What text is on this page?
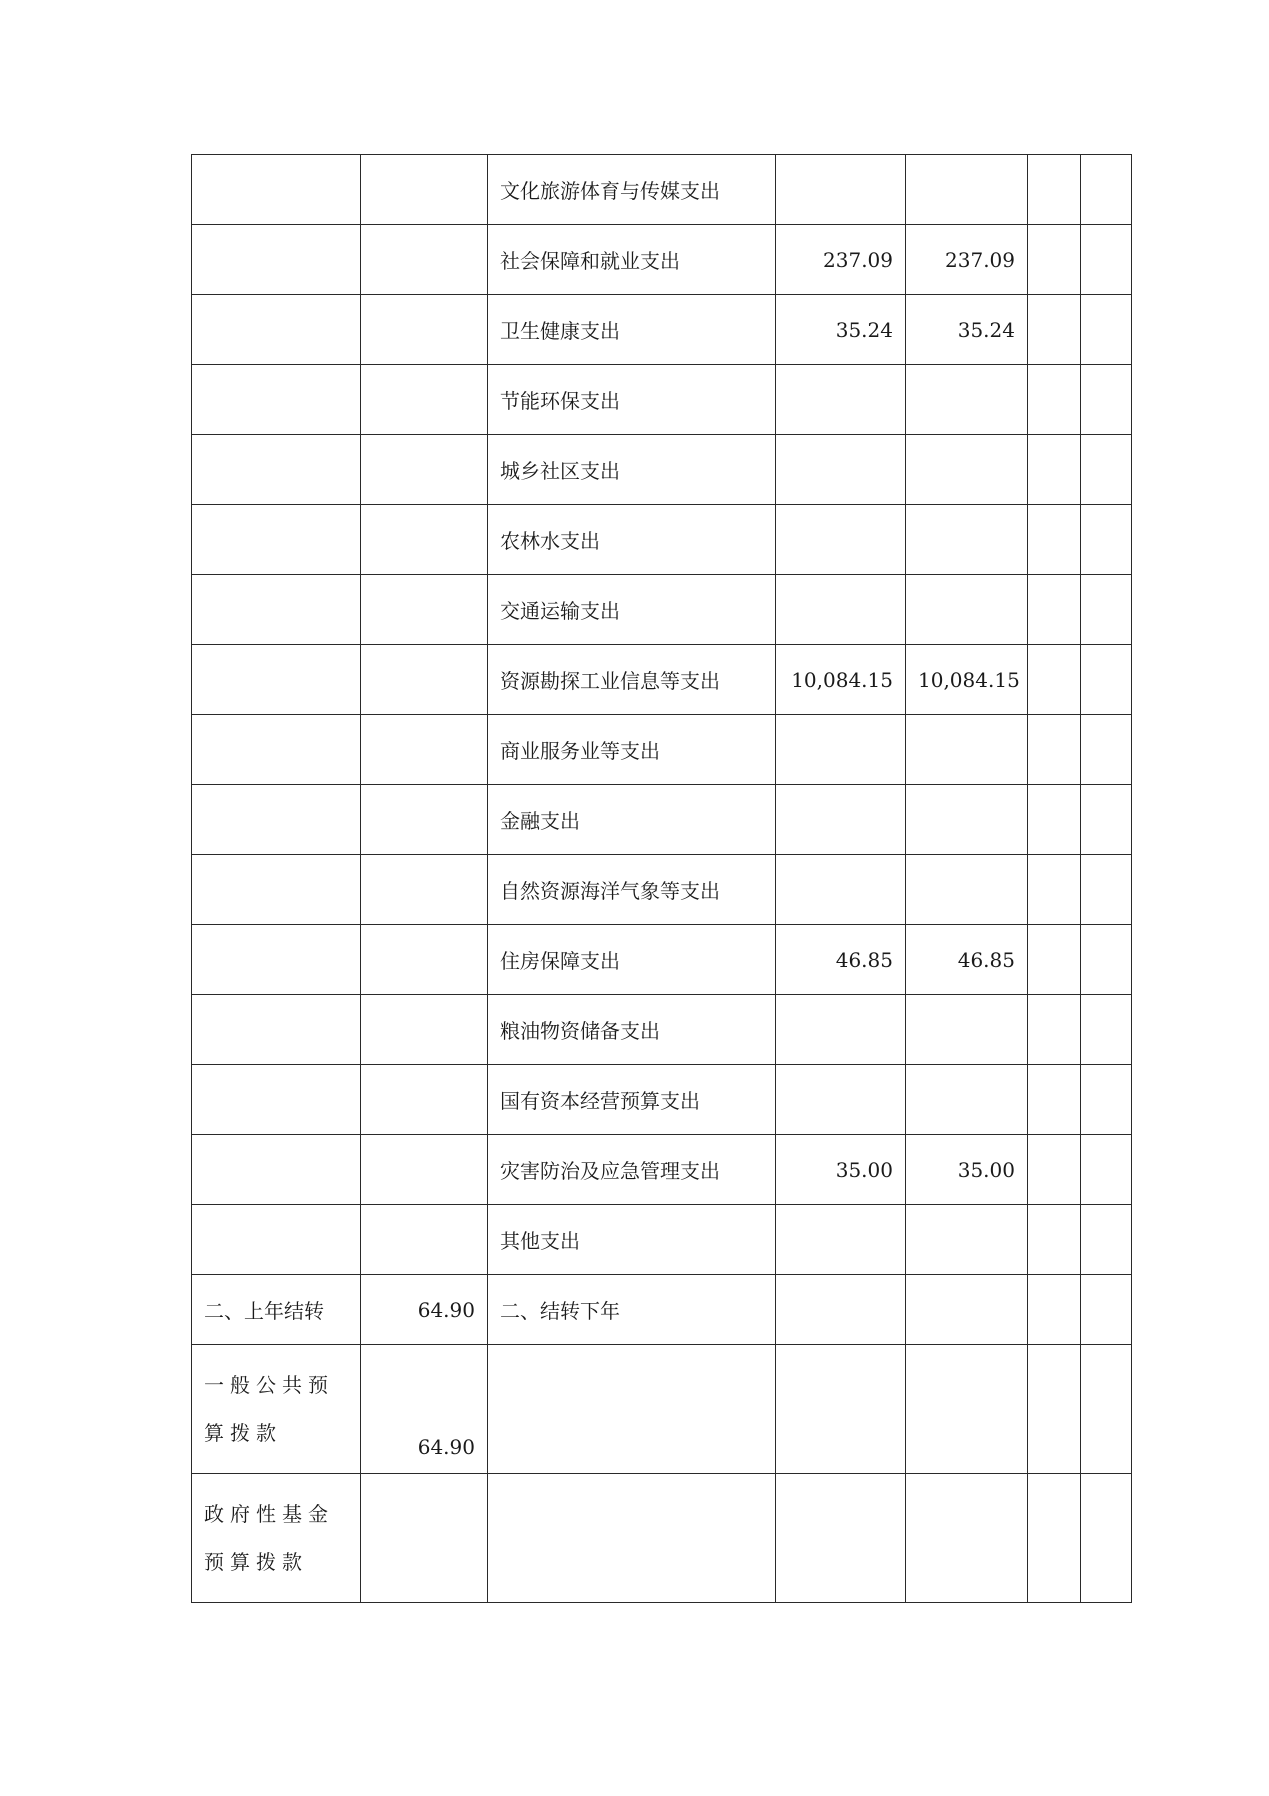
		文化旅游体育与传媒支出				
		社会保障和就业支出	237.09	237.09		
		卫生健康支出	35.24	35.24		
		节能环保支出				
		城乡社区支出				
		农林水支出				
		交通运输支出				
		资源勘探工业信息等支出	10,084.15	10,084.15		
		商业服务业等支出				
		金融支出				
		自然资源海洋气象等支出				
		住房保障支出	46.85	46.85		
		粮油物资储备支出				
		国有资本经营预算支出				
		灾害防治及应急管理支出	35.00	35.00		
		其他支出				
二、上年结转	64.90	二、结转下年				
一般公共预算拨款	64.90					
政府性基金预算拨款						
